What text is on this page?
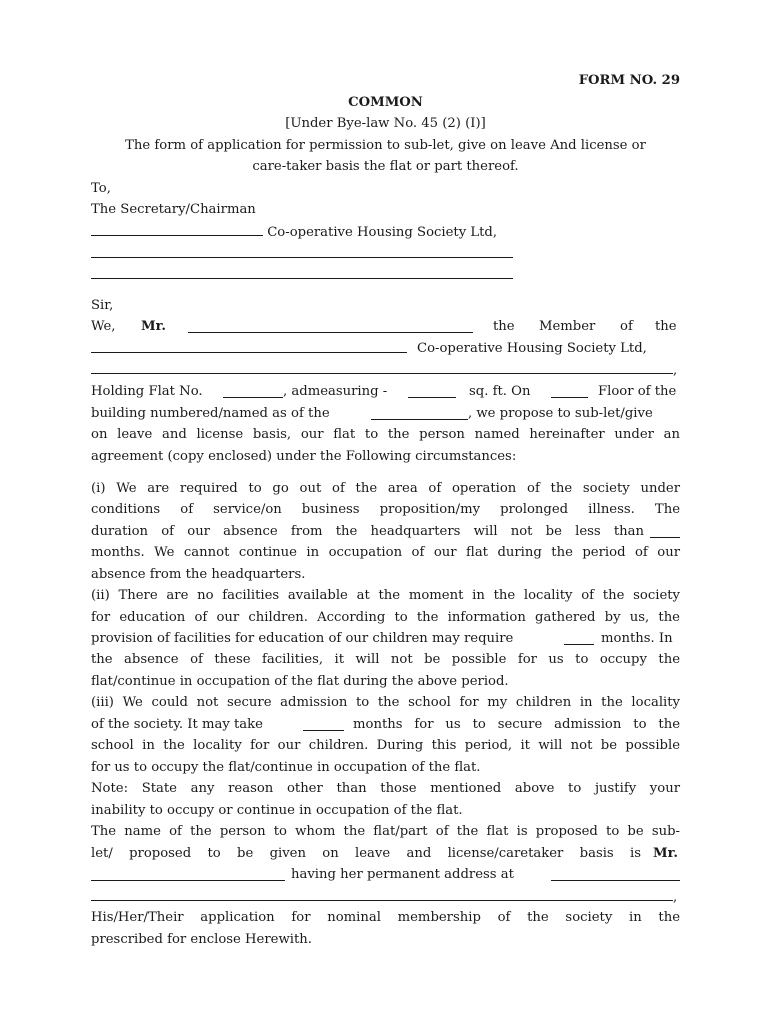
FORM NO. 29
COMMON
[Under Bye-law No. 45 (2) (I)]
The form of application for permission to sub-let, give on leave And license or
care-taker basis the flat or part thereof.
To,
The Secretary/Chairman
Co-operative Housing Society Ltd,
Sir,
We, Mr.	the Member of the
Co-operative Housing Society Ltd,
,
Holding Flat No.	, admeasuring -	sq. ft. On	Floor of the
building numbered/named as of the	, we propose to sub-let/give
on leave and license basis, our flat to the person named hereinafter under an
agreement (copy enclosed) under the Following circumstances:
(i) We are required to go out of the area of operation of the society under
conditions of service/on business proposition/my prolonged illness. The
duration of our absence from the headquarters will not be less than
months. We cannot continue in occupation of our flat during the period of our
absence from the headquarters.
(ii) There are no facilities available at the moment in the locality of the society
for education of our children. According to the information gathered by us, the
provision of facilities for education of our children may require	months. In
the absence of these facilities, it will not be possible for us to occupy the
flat/continue in occupation of the flat during the above period.
(iii) We could not secure admission to the school for my children in the locality
of the society. It may take	months for us to secure admission to the
school in the locality for our children. During this period, it will not be possible
for us to occupy the flat/continue in occupation of the flat.
Note: State any reason other than those mentioned above to justify your
inability to occupy or continue in occupation of the flat.
The name of the person to whom the flat/part of the flat is proposed to be sub-
let/ proposed to be given on leave and license/caretaker basis is Mr.
having her permanent address at
,
His/Her/Their application for nominal membership of the society in the
prescribed for enclose Herewith.
